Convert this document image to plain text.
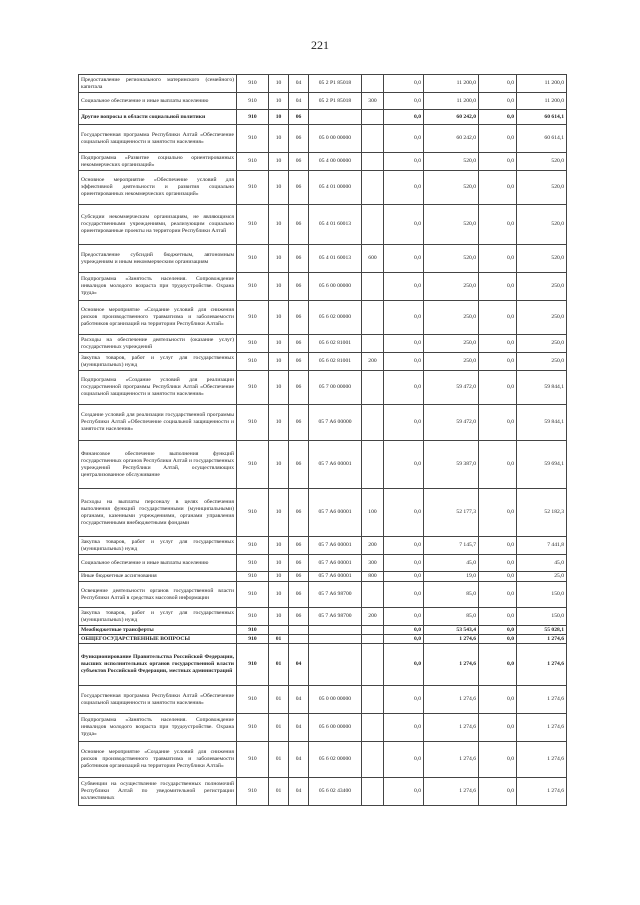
221
Предоставление регионального материнского (семейного) капитала	910	10	04	05 2 P1 85018		0,0	11 200,0	0,0	11 200,0
Социальное обеспечение и иные выплаты населению	910	10	04	05 2 P1 85018	300	0,0	11 200,0	0,0	11 200,0
Другие вопросы в области социальной политики	910	10	06			0,0	60 242,0	0,0	60 614,1
Государственная программа Республики Алтай «Обеспечение социальной защищенности и занятости населения»	910	10	06	05 0 00 00000		0,0	60 242,0	0,0	60 614,1
Подпрограмма «Развитие социально ориентированных некоммерческих организаций»	910	10	06	05 4 00 00000		0,0	520,0	0,0	520,0
Основное мероприятие «Обеспечение условий для эффективной деятельности и развития социально ориентированных некоммерческих организаций»	910	10	06	05 4 01 00000		0,0	520,0	0,0	520,0
Субсидии некоммерческим организациям, не являющимся государственными учреждениями, реализующим социально ориентированные проекты на территории Республики Алтай	910	10	06	05 4 01 60013		0,0	520,0	0,0	520,0
Предоставление субсидий бюджетным, автономным учреждениям и иным некоммерческим организациям	910	10	06	05 4 01 60013	600	0,0	520,0	0,0	520,0
Подпрограмма «Занятость населения. Сопровождение инвалидов молодого возраста при трудоустройстве. Охрана труда»	910	10	06	05 6 00 00000		0,0	250,0	0,0	250,0
Основное мероприятие «Создание условий для снижения рисков производственного травматизма и заболеваемости работников организаций на территории Республики Алтай»	910	10	06	05 6 02 00000		0,0	250,0	0,0	250,0
Расходы на обеспечение деятельности (оказание услуг) государственных учреждений	910	10	06	05 6 02 81001		0,0	250,0	0,0	250,0
Закупка товаров, работ и услуг для государственных (муниципальных) нужд	910	10	06	05 6 02 81001	200	0,0	250,0	0,0	250,0
Подпрограмма «Создание условий для реализации государственной программы Республики Алтай «Обеспечение социальной защищенности и занятости населения»	910	10	06	05 7 00 00000		0,0	59 472,0	0,0	59 844,1
Создание условий для реализации государственной программы Республики Алтай «Обеспечение социальной защищенности и занятости населения»	910	10	06	05 7 A6 00000		0,0	59 472,0	0,0	59 844,1
Финансовое обеспечение выполнения функций государственных органов Республики Алтай и государственных учреждений Республики Алтай, осуществляющих централизованное обслуживание	910	10	06	05 7 A6 00001		0,0	59 387,0	0,0	59 694,1
Расходы на выплаты персоналу в целях обеспечения выполнения функций государственными (муниципальными) органами, казенными учреждениями, органами управления государственными внебюджетными фондами	910	10	06	05 7 A6 00001	100	0,0	52 177,3	0,0	52 182,3
Закупка товаров, работ и услуг для государственных (муниципальных) нужд	910	10	06	05 7 A6 00001	200	0,0	7 145,7	0,0	7 441,8
Социальное обеспечение и иные выплаты населению	910	10	06	05 7 A6 00001	300	0,0	45,0	0,0	45,0
Иные бюджетные ассигнования	910	10	06	05 7 A6 00001	800	0,0	19,0	0,0	25,0
Освещение деятельности органов государственной власти Республики Алтай в средствах массовой информации	910	10	06	05 7 A6 98700		0,0	85,0	0,0	150,0
Закупка товаров, работ и услуг для государственных (муниципальных) нужд	910	10	06	05 7 A6 98700	200	0,0	85,0	0,0	150,0
Межбюджетные трансферты	910					0,0	53 543,4	0,0	55 028,1
ОБЩЕГОСУДАРСТВЕННЫЕ ВОПРОСЫ	910	01				0,0	1 274,6	0,0	1 274,6
Функционирование Правительства Российской Федерации, высших исполнительных органов государственной власти субъектов Российской Федерации, местных администраций	910	01	04			0,0	1 274,6	0,0	1 274,6
Государственная программа Республики Алтай «Обеспечение социальной защищенности и занятости населения»	910	01	04	05 0 00 00000		0,0	1 274,6	0,0	1 274,6
Подпрограмма «Занятость населения. Сопровождение инвалидов молодого возраста при трудоустройстве. Охрана труда»	910	01	04	05 6 00 00000		0,0	1 274,6	0,0	1 274,6
Основное мероприятие «Создание условий для снижения рисков производственного травматизма и заболеваемости работников организаций на территории Республики Алтай»	910	01	04	05 6 02 00000		0,0	1 274,6	0,0	1 274,6
Субвенции на осуществление государственных полномочий Республики Алтай по уведомительной регистрации коллективных	910	01	04	05 6 02 43400		0,0	1 274,6	0,0	1 274,6
